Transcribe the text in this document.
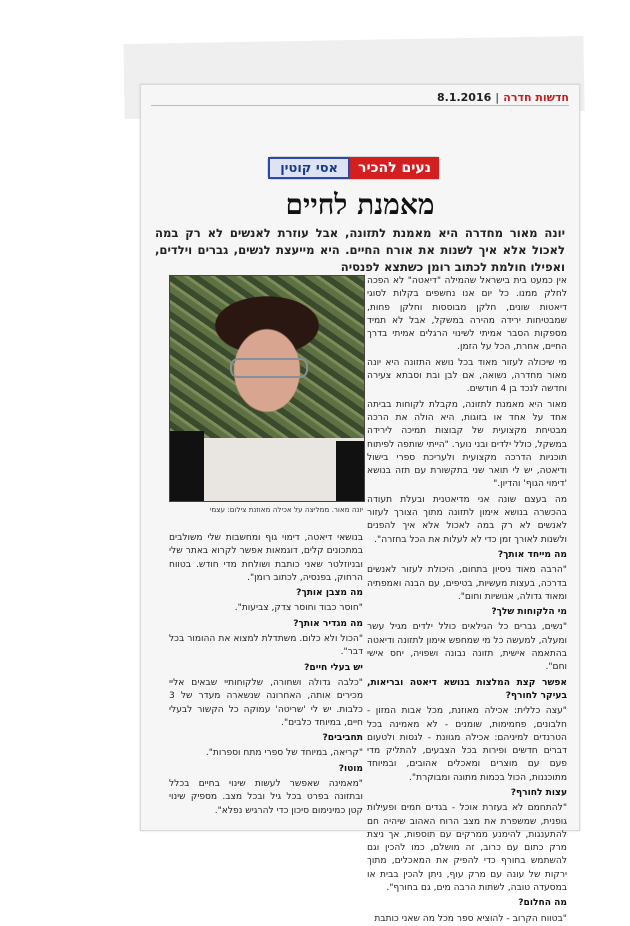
חדשות חדרה
|
8.1.2016
נעים להכיר
אסי קוטין
מאמנת לחיים
יונה מאור מחדרה היא מאמנת לתזונה, אבל עוזרת לאנשים לא רק במה לאכול אלא איך לשנות את אורח החיים. היא מייעצת לנשים, גברים וילדים, ואפילו חולמת לכתוב רומן כשתצא לפנסיה

אין כמעט בית בישראל שהמילה "דיאטה" לא הפכה לחלק ממנו. כל יום אנו נחשפים בקלות לסוגי דיאטות שונים, חלקן מבוססות וחלקן פחות, שמבטיחות ירידה מהירה במשקל, אבל לא תמיד מספקות הסבר אמיתי לשינוי הרגלים אמיתי בדרך החיים, אחרת, הכל על הזמן.

מי שיכולה לעזור מאוד בכל נושא התזונה היא יונה מאור מחדרה, נשואה, אם לבן ובת וסבתא צעירה וחדשה לנכד בן 4 חודשים.

מאור היא מאמנת לתזונה, מקבלת לקוחות בביתה אחד על אחד או בזוגות, היא הולה את הרכה מבטיחת מקצועית של קבוצות תמיכה לירידה במשקל, כולל ילדים ובני נוער. "הייתי שותפה לפיתוח תוכניות הדרכה מקצועית ולעריכת ספרי בישול ודיאטה, יש לי תואר שני בתקשורת עם תזה בנושא 'דימוי הגוף' והדיון."

מה בעצם שונה אני מדיאטנית ובעלת תעודה בהכשרה בנושא אימון לתזונה מתוך הצורך לעזור לאנשים לא רק במה לאכול אלא איך להפנים ולשנות לאורך זמן כדי לא לעלות את הכל בחזרה".

מה מייחד אותך?

"הרבה מאוד ניסיון בתחום, היכולת לעזור לאנשים בדרכה, בעצות מעשיות, בטיפים, עם הבנה ואמפתיה ומאוד גדולה, אנושיות וחום".

מי הלקוחות שלך?

"נשים, גברים כל הגילאים כולל ילדים מגיל עשר ומעלה, למעשה כל מי שמחפש אימון לתזונה ודיאטה בהתאמה אישית, תזונה נבונה ושפויה, יחס אישי וחם".

אפשר קצת המלצות בנושא דיאטה ובריאות, בעיקר לחורף?

"עצה כללית: אכילה מאוזנת, מכל אבות המזון - חלבונים, פחמימות, שומנים - לא מאמינה בכל הטרנדים למיניהם: אכילה מגוונת - לנסות ולטעום דברים חדשים ופירות בכל הצבעים, להתליק מדי פעם עם מוצרים ומאכלים אהובים, ובמיוחד מתוכננות, הכול בכמות מתונה ומבוקרת".

עצות לחורף?

"להתחמם לא בעזרת אוכל - בגדים חמים ופעילות גופנית, שמשפרת את מצב הרוח האהוב שיהיה חם להתענגות, להימנע ממרקים עם תוספות, אך ניצת מרק כתום עם כרוב, זה מושלם, כמו להכין וגם להשתמש בחורף כדי להפיק את המאכלים, מתוך ירקות של עונה עם מרק עוף, ניתן להכין בבית או במסעדה טובה, לשתות הרבה מים, גם בחורף".

מה החלום?

"בטווח הקרוב - להוציא ספר מכל מה שאני כותבת

יונה מאור. ממליצה על אכילה מאוזנת צילום: עצמי

בנושאי דיאטה, דימוי גוף ומחשבות שלי משולבים במתכונים קלים, דוגמאות אפשר לקרוא באתר שלי ובניוזלטר שאני כותבת ושולחת מדי חודש. בטווח הרחוק, בפנסיה, לכתוב רומן".

מה מצבן אותך?

"חוסר כבוד וחוסר צדק, צביעות".

מה מגדיר אותך?

"הכול ולא כלום. משתדלת למצוא את ההומור בכל דבר".

יש בעלי חיים?

"כלבה גדולה ושחורה, שלקוחותיי שבאים אליי מכירים אותה, האחרונה שנשארה מעדר של 3 כלבות. יש לי 'שריטה' עמוקה כל הקשור לבעלי חיים, במיוחד כלבים".

תחביבים?

"קריאה, במיוחד של ספרי מתח וספרות".

מוטו?

"מאמינה שאפשר לעשות שינוי בחיים בכלל ובתזונה בפרט בכל גיל ובכל מצב. מספיק שינוי קטן כמינימום סיכון כדי להרגיש נפלא".
